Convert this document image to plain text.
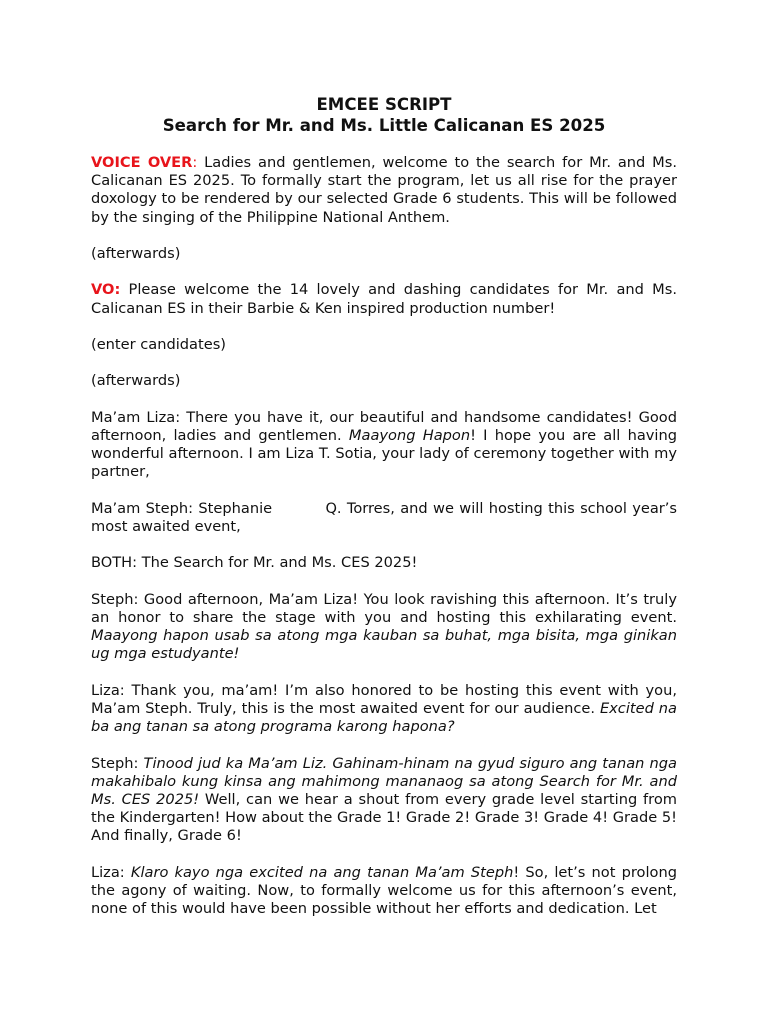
EMCEE SCRIPT
Search for Mr. and Ms. Little Calicanan ES 2025

VOICE OVER: Ladies and gentlemen, welcome to the search for Mr. and Ms. Calicanan ES 2025. To formally start the program, let us all rise for the prayer doxology to be rendered by our selected Grade 6 students. This will be followed by the singing of the Philippine National Anthem.

(afterwards)

VO: Please welcome the 14 lovely and dashing candidates for Mr. and Ms. Calicanan ES in their Barbie & Ken inspired production number!

(enter candidates)

(afterwards)

Ma’am Liza: There you have it, our beautiful and handsome candidates! Good afternoon, ladies and gentlemen. Maayong Hapon! I hope you are all having wonderful afternoon. I am Liza T. Sotia, your lady of ceremony together with my partner,

Ma’am Steph: Stephanie	Q. Torres, and we will hosting this school year’s most awaited event,

BOTH: The Search for Mr. and Ms. CES 2025!

Steph: Good afternoon, Ma’am Liza! You look ravishing this afternoon. It’s truly an honor to share the stage with you and hosting this exhilarating event. Maayong hapon usab sa atong mga kauban sa buhat, mga bisita, mga ginikan ug mga estudyante!

Liza: Thank you, ma’am! I’m also honored to be hosting this event with you, Ma’am Steph. Truly, this is the most awaited event for our audience. Excited na ba ang tanan sa atong programa karong hapona?

Steph: Tinood jud ka Ma’am Liz. Gahinam-hinam na gyud siguro ang tanan nga makahibalo kung kinsa ang mahimong mananaog sa atong Search for Mr. and Ms. CES 2025! Well, can we hear a shout from every grade level starting from the Kindergarten! How about the Grade 1! Grade 2! Grade 3! Grade 4! Grade 5! And finally, Grade 6!

Liza: Klaro kayo nga excited na ang tanan Ma’am Steph! So, let’s not prolong the agony of waiting. Now, to formally welcome us for this afternoon’s event, none of this would have been possible without her efforts and dedication. Let
